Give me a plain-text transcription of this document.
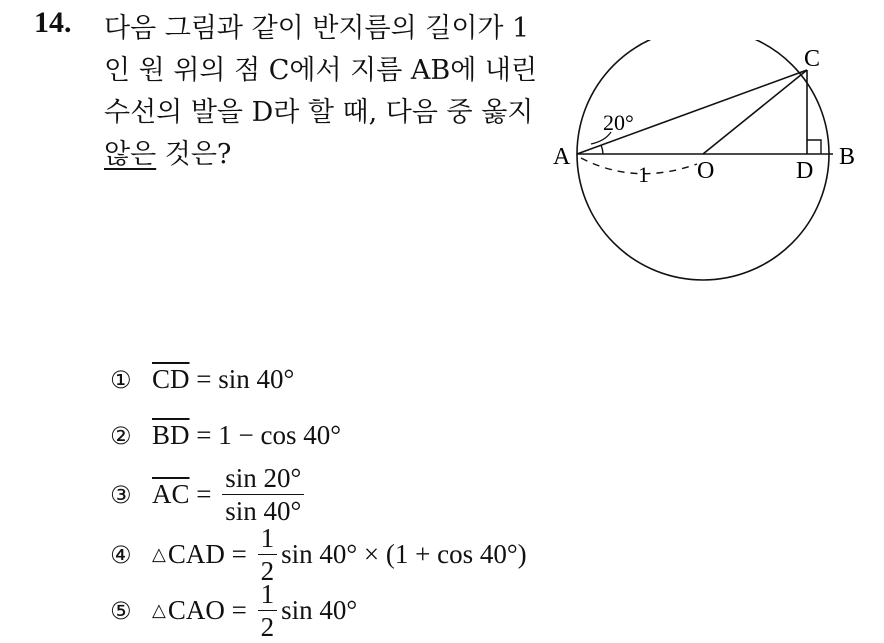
14. 다음 그림과 같이 반지름의 길이가 1
인 원 위의 점 C에서 지름 AB에 내린
수선의 발을 D라 할 때, 다음 중 옳지
않은 것은?	A	B
C
D
O
20°
1
① $\overline{CD} = \sin 40^\circ$
② $\overline{BD} = 1 - \cos 40^\circ$
③ $\overline{AC} = \frac{\sin 20^\circ}{\sin 40^\circ}$
④	△ CAD = $\frac{1}{2}$ sin 40° × (1 + cos 40°)
⑤	△ CAO = $\frac{1}{2}$ sin 40°
